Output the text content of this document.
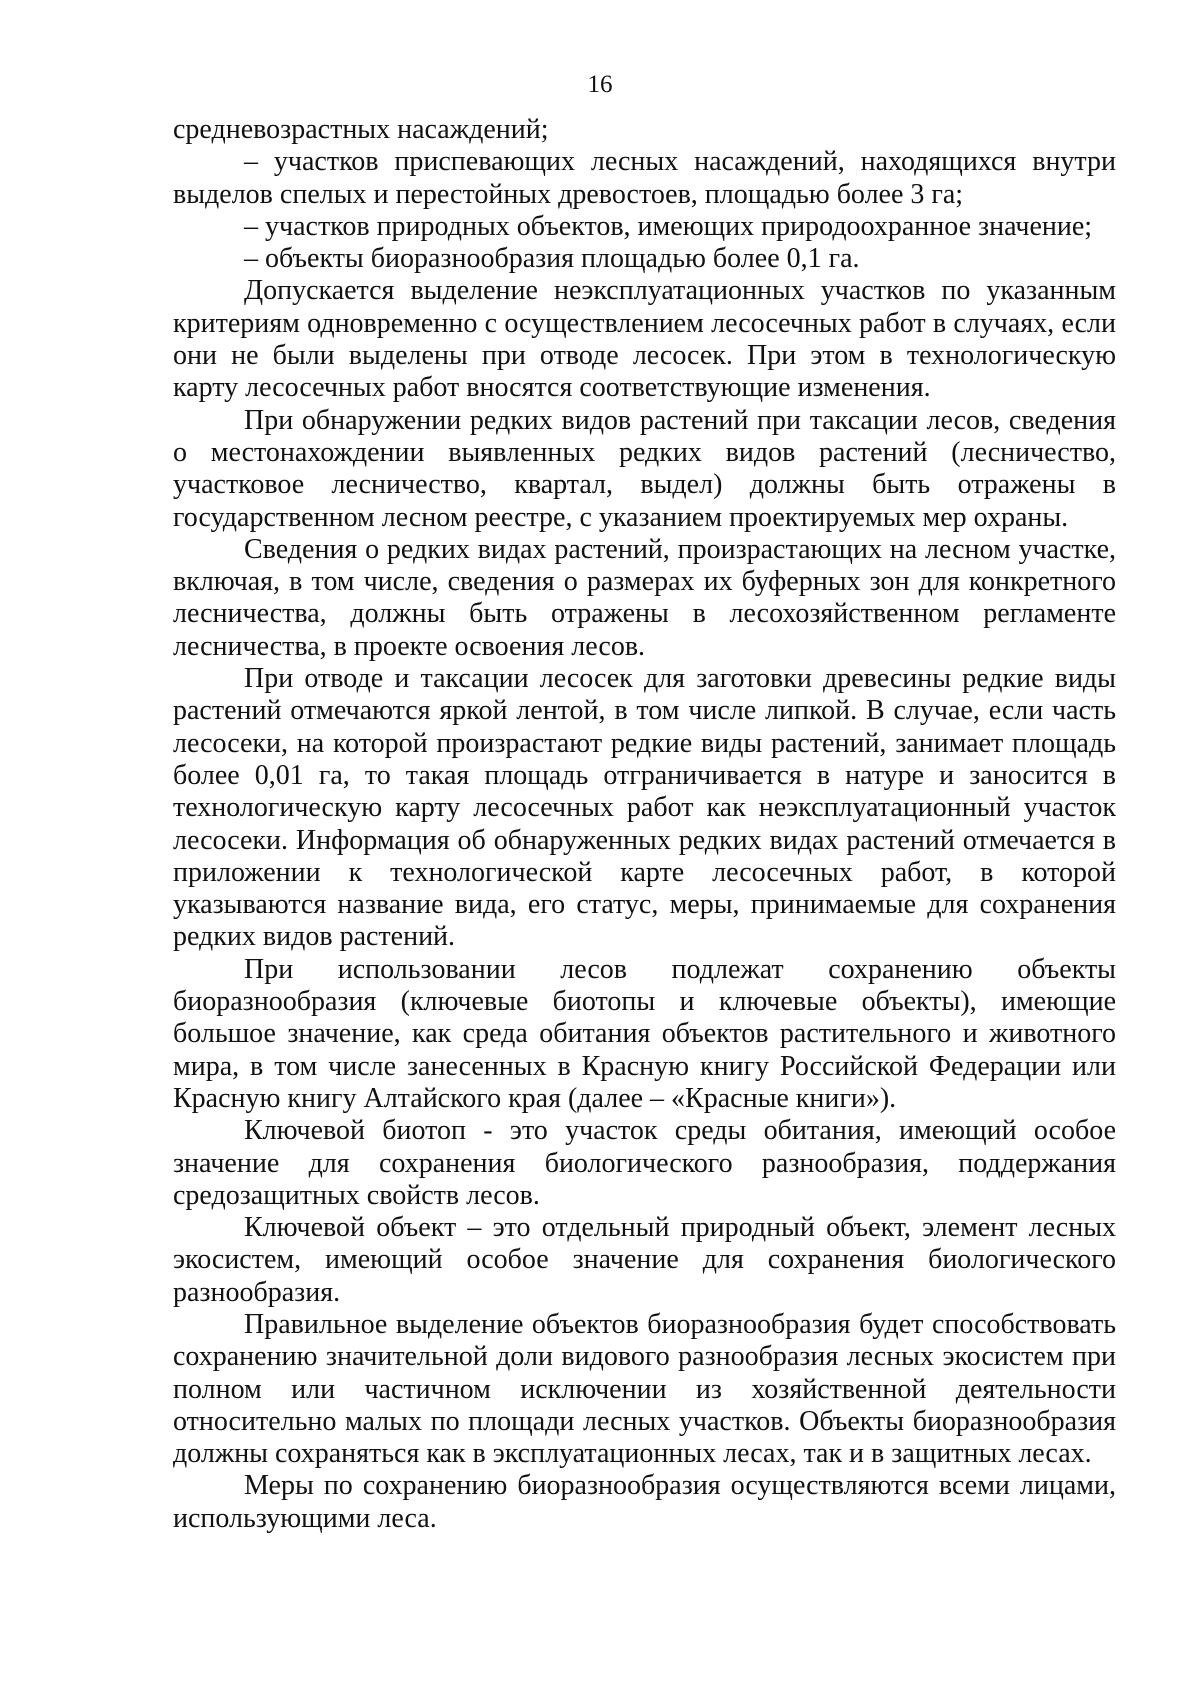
16

средневозрастных насаждений;

– участков приспевающих лесных насаждений, находящихся внутри выделов спелых и перестойных древостоев, площадью более 3 га;

– участков природных объектов, имеющих природоохранное значение;

– объекты биоразнообразия площадью более 0,1 га.

Допускается выделение неэксплуатационных участков по указанным критериям одновременно с осуществлением лесосечных работ в случаях, если они не были выделены при отводе лесосек. При этом в технологическую карту лесосечных работ вносятся соответствующие изменения.

При обнаружении редких видов растений при таксации лесов, сведения о местонахождении выявленных редких видов растений (лесничество, участковое лесничество, квартал, выдел) должны быть отражены в государственном лесном реестре, с указанием проектируемых мер охраны.

Сведения о редких видах растений, произрастающих на лесном участке, включая, в том числе, сведения о размерах их буферных зон для конкретного лесничества, должны быть отражены в лесохозяйственном регламенте лесничества, в проекте освоения лесов.

При отводе и таксации лесосек для заготовки древесины редкие виды растений отмечаются яркой лентой, в том числе липкой. В случае, если часть лесосеки, на которой произрастают редкие виды растений, занимает площадь более 0,01 га, то такая площадь отграничивается в натуре и заносится в технологическую карту лесосечных работ как неэксплуатационный участок лесосеки. Информация об обнаруженных редких видах растений отмечается в приложении к технологической карте лесосечных работ, в которой указываются название вида, его статус, меры, принимаемые для сохранения редких видов растений.

При использовании лесов подлежат сохранению объекты биоразнообразия (ключевые биотопы и ключевые объекты), имеющие большое значение, как среда обитания объектов растительного и животного мира, в том числе занесенных в Красную книгу Российской Федерации или Красную книгу Алтайского края (далее – «Красные книги»).

Ключевой биотоп - это участок среды обитания, имеющий особое значение для сохранения биологического разнообразия, поддержания средозащитных свойств лесов.

Ключевой объект – это отдельный природный объект, элемент лесных экосистем, имеющий особое значение для сохранения биологического разнообразия.

Правильное выделение объектов биоразнообразия будет способствовать сохранению значительной доли видового разнообразия лесных экосистем при полном или частичном исключении из хозяйственной деятельности относительно малых по площади лесных участков. Объекты биоразнообразия должны сохраняться как в эксплуатационных лесах, так и в защитных лесах.

Меры по сохранению биоразнообразия осуществляются всеми лицами, использующими леса.
